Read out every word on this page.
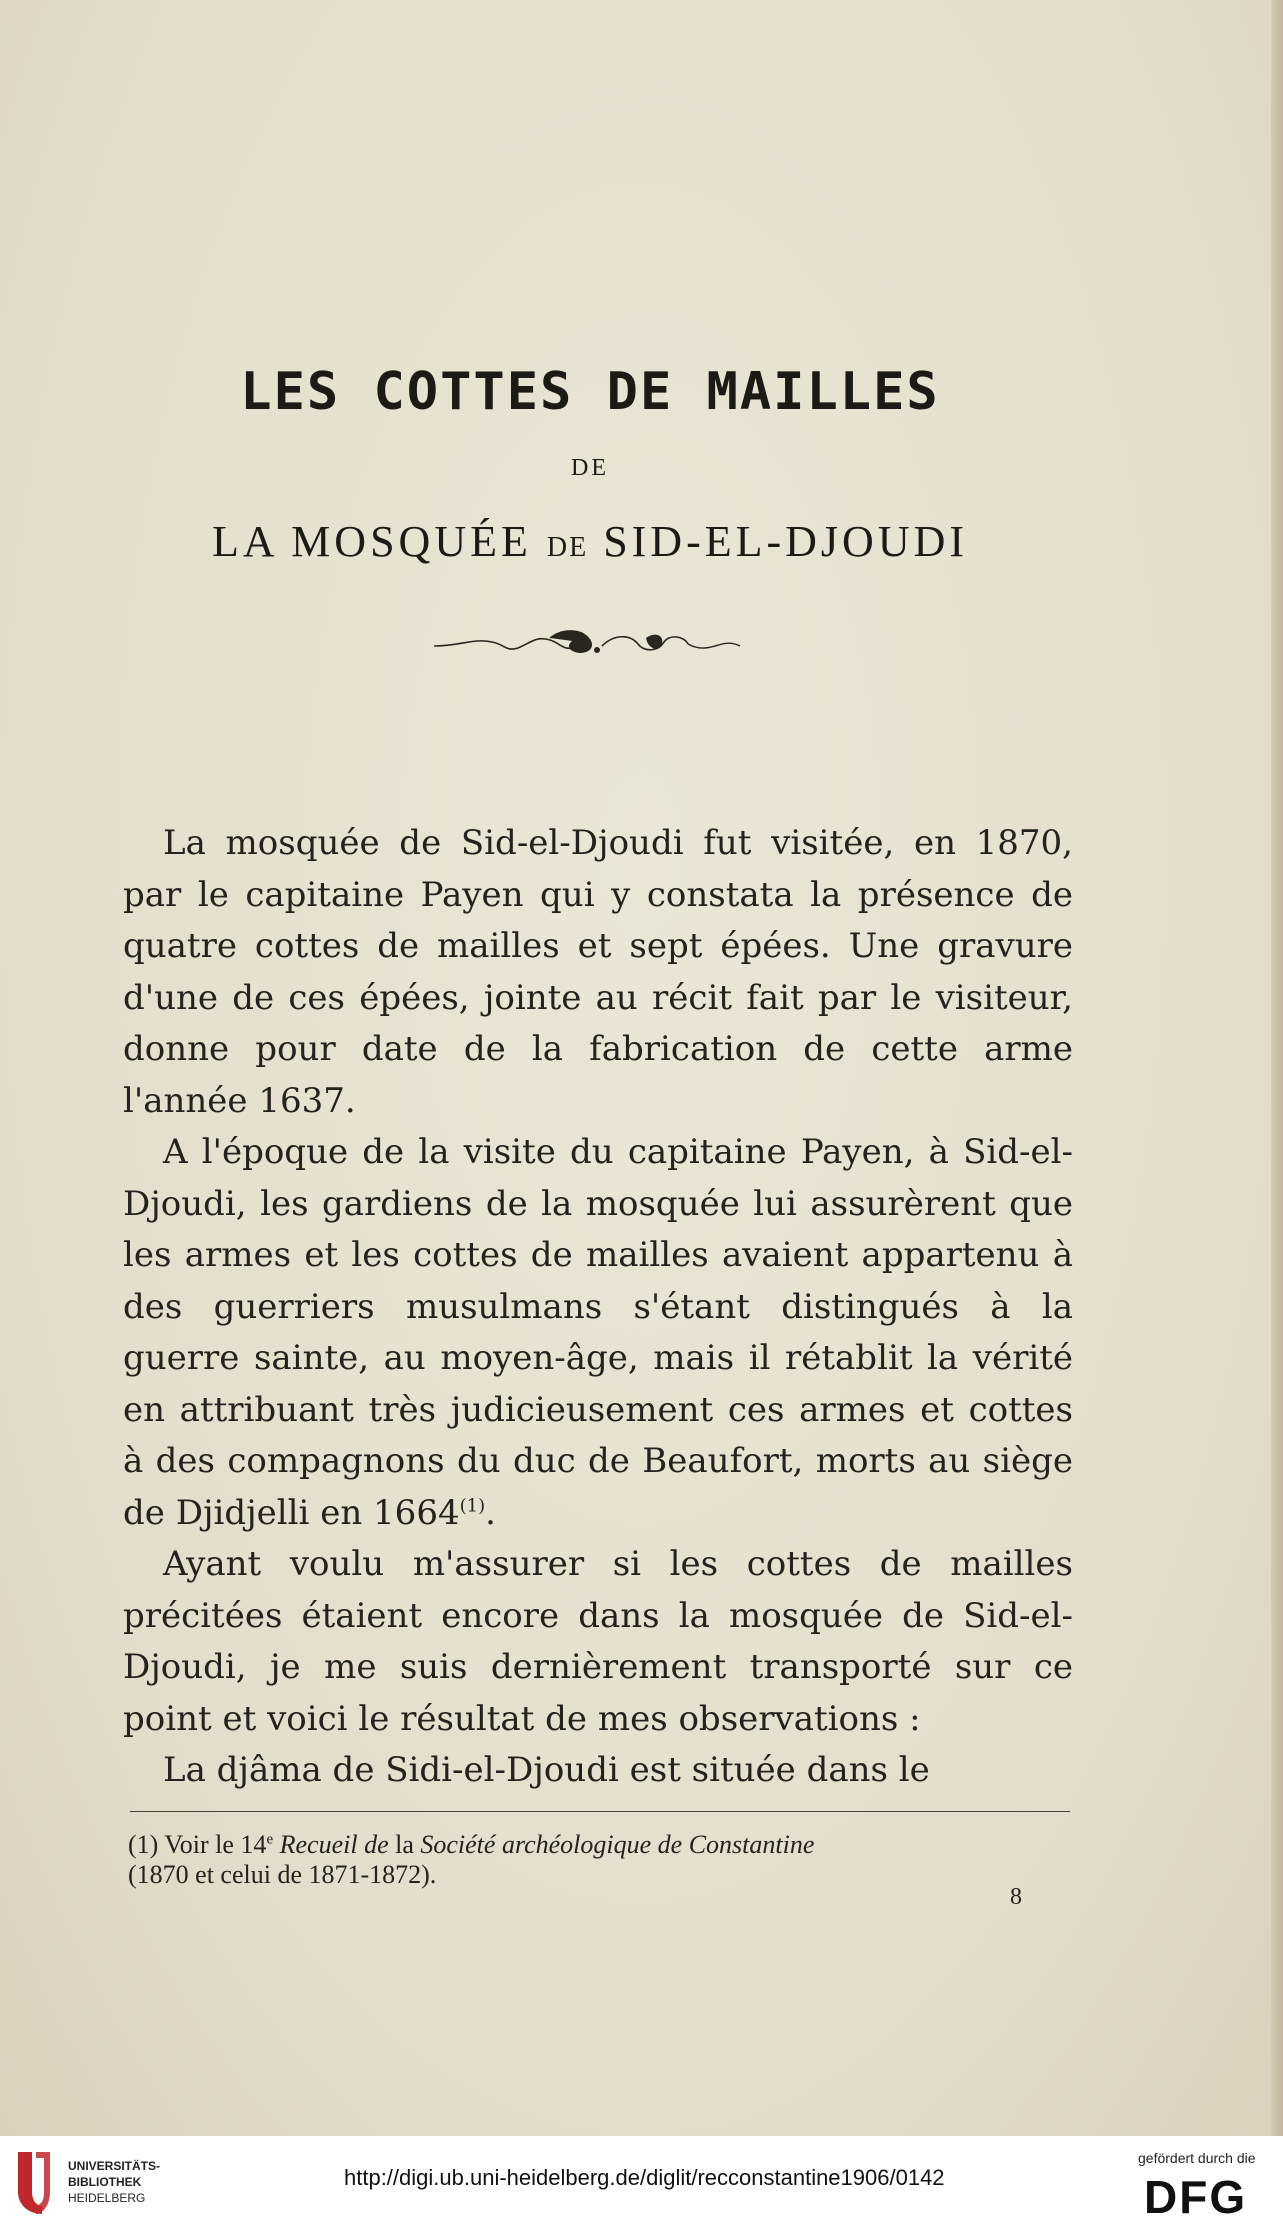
LES COTTES DE MAILLES
DE
LA MOSQUÉE DE SID-EL-DJOUDI

La mosquée de Sid-el-Djoudi fut visitée, en 1870, par le capitaine Payen qui y constata la présence de quatre cottes de mailles et sept épées. Une gravure d'une de ces épées, jointe au récit fait par le visiteur, donne pour date de la fabrication de cette arme l'année 1637.

A l'époque de la visite du capitaine Payen, à Sid-el-Djoudi, les gardiens de la mosquée lui assurèrent que les armes et les cottes de mailles avaient appartenu à des guerriers musulmans s'étant distingués à la guerre sainte, au moyen-âge, mais il rétablit la vérité en attribuant très judicieusement ces armes et cottes à des compagnons du duc de Beaufort, morts au siège de Djidjelli en 1664$^{(1)}$.

Ayant voulu m'assurer si les cottes de mailles précitées étaient encore dans la mosquée de Sid-el-Djoudi, je me suis dernièrement transporté sur ce point et voici le résultat de mes observations :

La djâma de Sidi-el-Djoudi est située dans le

(1) Voir le 14e Recueil de la Société archéologique de Constantine
(1870 et celui de 1871-1872).
8
UNIVERSITÄTS-
BIBLIOTHEK
HEIDELBERG
http://digi.ub.uni-heidelberg.de/diglit/recconstantine1906/0142
gefördert durch die
DFG
